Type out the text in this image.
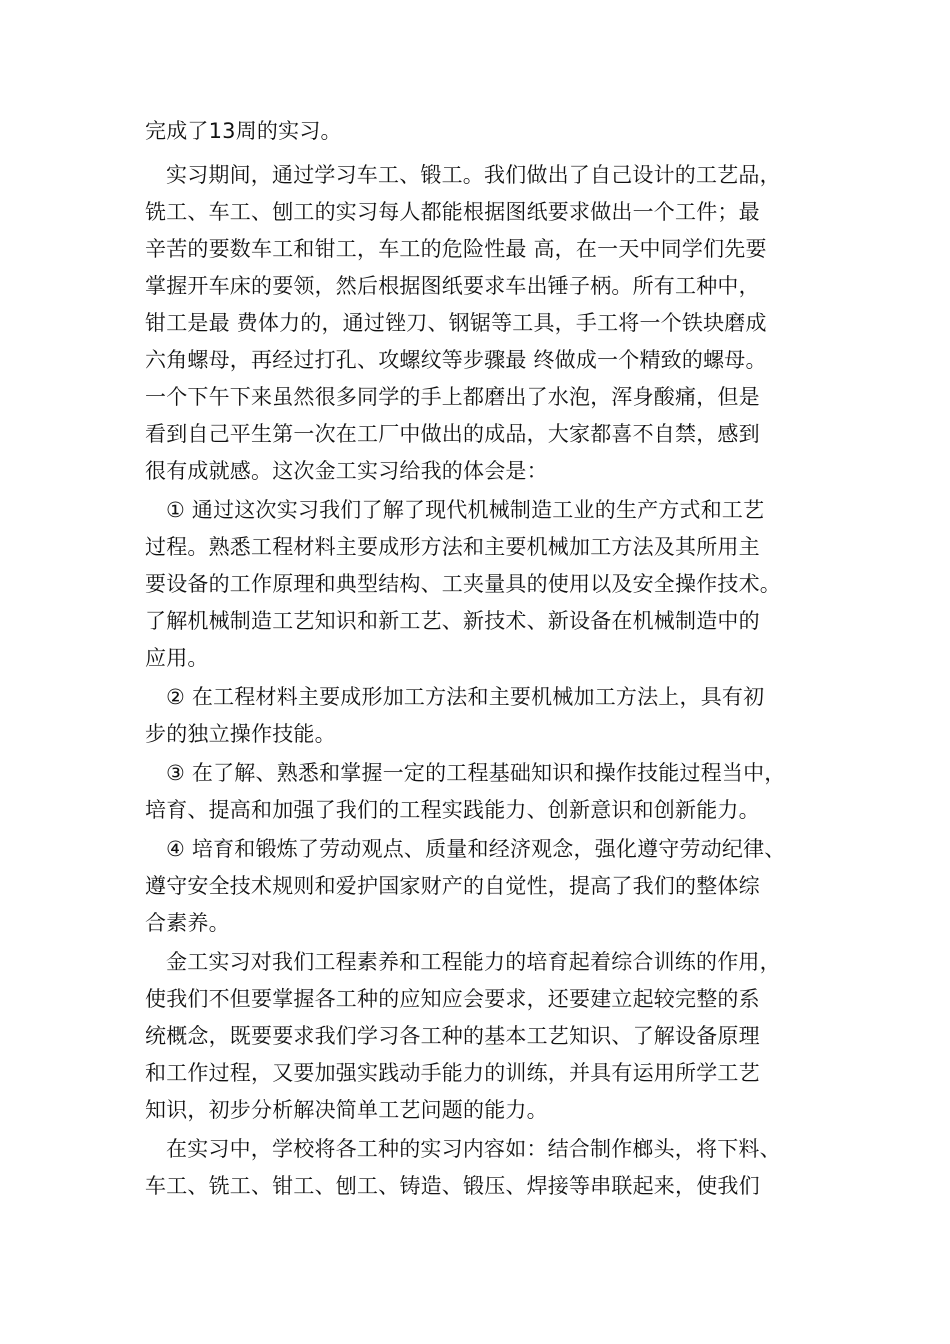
完成了13周的实习。
实习期间，通过学习车工、锻工。我们做出了自己设计的工艺品，
铣工、车工、刨工的实习每人都能根据图纸要求做出一个工件；最
辛苦的要数车工和钳工，车工的危险性最 高，在一天中同学们先要
掌握开车床的要领，然后根据图纸要求车出锤子柄。所有工种中，
钳工是最 费体力的，通过锉刀、钢锯等工具，手工将一个铁块磨成
六角螺母，再经过打孔、攻螺纹等步骤最 终做成一个精致的螺母。
一个下午下来虽然很多同学的手上都磨出了水泡，浑身酸痛，但是
看到自己平生第一次在工厂中做出的成品，大家都喜不自禁，感到
很有成就感。这次金工实习给我的体会是：
① 通过这次实习我们了解了现代机械制造工业的生产方式和工艺
过程。熟悉工程材料主要成形方法和主要机械加工方法及其所用主
要设备的工作原理和典型结构、工夹量具的使用以及安全操作技术。
了解机械制造工艺知识和新工艺、新技术、新设备在机械制造中的
应用。
② 在工程材料主要成形加工方法和主要机械加工方法上，具有初
步的独立操作技能。
③ 在了解、熟悉和掌握一定的工程基础知识和操作技能过程当中，
培育、提高和加强了我们的工程实践能力、创新意识和创新能力。
④ 培育和锻炼了劳动观点、质量和经济观念，强化遵守劳动纪律、
遵守安全技术规则和爱护国家财产的自觉性，提高了我们的整体综
合素养。
金工实习对我们工程素养和工程能力的培育起着综合训练的作用，
使我们不但要掌握各工种的应知应会要求，还要建立起较完整的系
统概念，既要要求我们学习各工种的基本工艺知识、了解设备原理
和工作过程，又要加强实践动手能力的训练，并具有运用所学工艺
知识，初步分析解决简单工艺问题的能力。
在实习中，学校将各工种的实习内容如：结合制作榔头，将下料、
车工、铣工、钳工、刨工、铸造、锻压、焊接等串联起来，使我们
